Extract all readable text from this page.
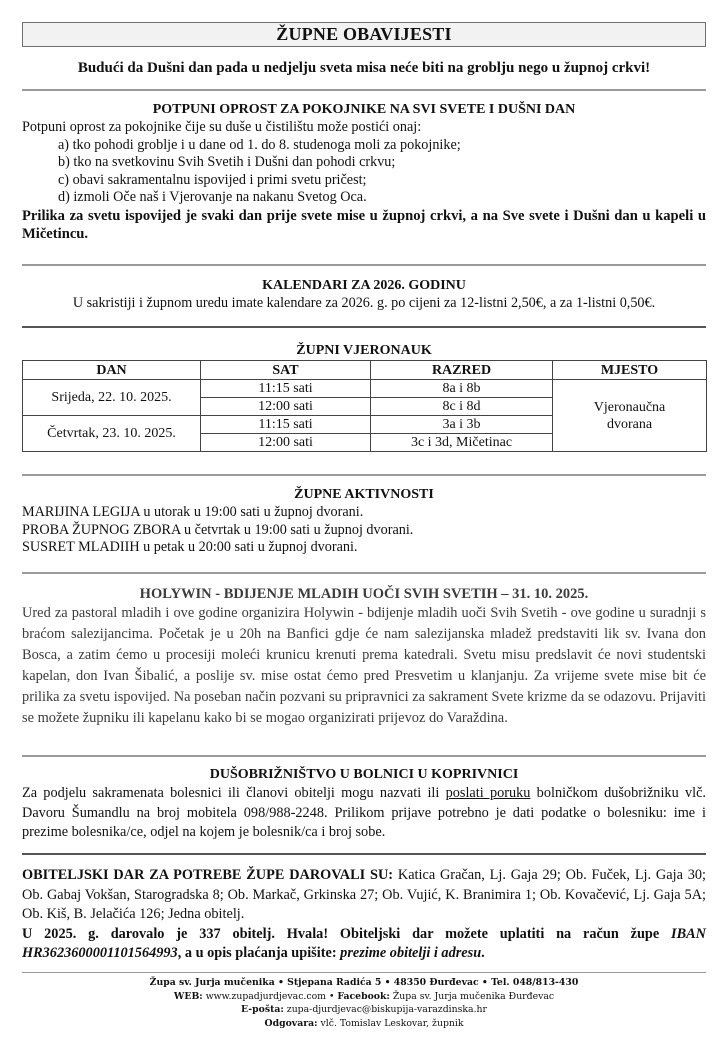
ŽUPNE OBAVIJESTI
Budući da Dušni dan pada u nedjelju sveta misa neće biti na groblju nego u župnoj crkvi!
POTPUNI OPROST ZA POKOJNIKE NA SVI SVETE I DUŠNI DAN
Potpuni oprost za pokojnike čije su duše u čistilištu može postići onaj:
a) tko pohodi groblje i u dane od 1. do 8. studenoga moli za pokojnike;
b) tko na svetkovinu Svih Svetih i Dušni dan pohodi crkvu;
c) obavi sakramentalnu ispovijed i primi svetu pričest;
d) izmoli Oče naš i Vjerovanje na nakanu Svetog Oca.
Prilika za svetu ispovijed je svaki dan prije svete mise u župnoj crkvi, a na Sve svete i Dušni dan u kapeli u Mičetincu.
KALENDARI ZA 2026. GODINU
U sakristiji i župnom uredu imate kalendare za 2026. g. po cijeni za 12-listni 2,50€, a za 1-listni 0,50€.
ŽUPNI VJERONAUK
DAN	SAT	RAZRED	MJESTO
Srijeda, 22. 10. 2025.	11:15 sati	8a i 8b	Vjeronaučna
dvorana

	12:00 sati	8c i 8d	
Četvrtak, 23. 10. 2025.	11:15 sati	3a i 3b	
	12:00 sati	3c i 3d, Mičetinac	
ŽUPNE AKTIVNOSTI
MARIJINA LEGIJA u utorak u 19:00 sati u župnoj dvorani.
PROBA ŽUPNOG ZBORA u četvrtak u 19:00 sati u župnoj dvorani.
SUSRET MLADIIH u petak u 20:00 sati u župnoj dvorani.
HOLYWIN - BDIJENJE MLADIH UOČI SVIH SVETIH – 31. 10. 2025.
Ured za pastoral mladih i ove godine organizira Holywin - bdijenje mladih uoči Svih Svetih - ove godine u suradnji s braćom salezijancima. Početak je u 20h na Banfici gdje će nam salezijanska mladež predstaviti lik sv. Ivana don Bosca, a zatim ćemo u procesiji moleći krunicu krenuti prema katedrali. Svetu misu predslavit će novi studentski kapelan, don Ivan Šibalić, a poslije sv. mise ostat ćemo pred Presvetim u klanjanju. Za vrijeme svete mise bit će prilika za svetu ispovijed. Na poseban način pozvani su pripravnici za sakrament Svete krizme da se odazovu. Prijaviti se možete župniku ili kapelanu kako bi se mogao organizirati prijevoz do Varaždina.
DUŠOBRIŽNIŠTVO U BOLNICI U KOPRIVNICI
Za podjelu sakramenata bolesnici ili članovi obitelji mogu nazvati ili poslati poruku bolničkom dušobrižniku vlč. Davoru Šumandlu na broj mobitela 098/988-2248. Prilikom prijave potrebno je dati podatke o bolesniku: ime i prezime bolesnika/ce, odjel na kojem je bolesnik/ca i broj sobe.
OBITELJSKI DAR ZA POTREBE ŽUPE DAROVALI SU: Katica Gračan, Lj. Gaja 29; Ob. Fuček, Lj. Gaja 30; Ob. Gabaj Vokšan, Starogradska 8; Ob. Markač, Grkinska 27; Ob. Vujić, K. Branimira 1; Ob. Kovačević, Lj. Gaja 5A; Ob. Kiš, B. Jelačića 126; Jedna obitelj.
U 2025. g. darovalo je 337 obitelj. Hvala! Obiteljski dar možete uplatiti na račun župe IBAN HR3623600001101564993, a u opis plaćanja upišite: prezime obitelji i adresu.
Župa sv. Jurja mučenika • Stjepana Radića 5 • 48350 Đurđevac • Tel. 048/813-430
WEB: www.zupadjurdjevac.com • Facebook: Župa sv. Jurja mučenika Đurđevac
E-pošta: zupa-djurdjevac@biskupija-varazdinska.hr
Odgovara: vlč. Tomislav Leskovar, župnik
